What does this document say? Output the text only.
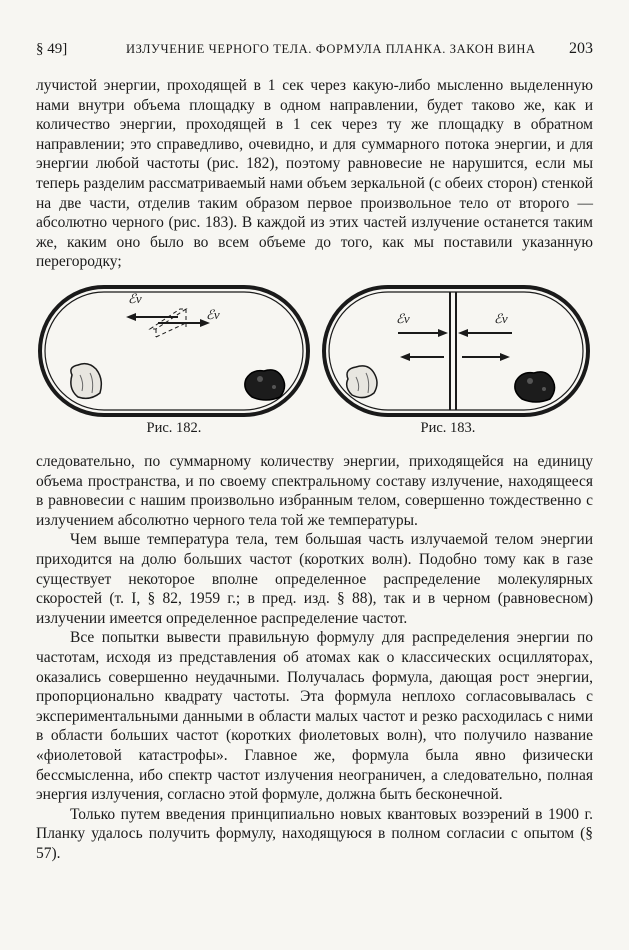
§ 49]	ИЗЛУЧЕНИЕ ЧЕРНОГО ТЕЛА. ФОРМУЛА ПЛАНКА. ЗАКОН ВИНА 203

лучистой энергии, проходящей в 1 сек через какую-либо мысленно выделенную нами внутри объема площадку в одном направлении, будет таково же, как и количество энергии, проходящей в 1 сек через ту же площадку в обратном направлении; это справедливо, очевидно, и для суммарного потока энергии, и для энергии любой частоты (рис. 182), поэтому равновесие не нарушится, если мы теперь разделим рассматриваемый нами объем зеркальной (с обеих сторон) стенкой на две части, отделив таким образом первое произвольное тело от второго — абсолютно черного (рис. 183). В каждой из этих частей излучение останется таким же, каким оно было во всем объеме до того, как мы поставили указанную перегородку;

ℰν
ℰν
Рис. 182.
ℰν	ℰν
Рис. 183.

следовательно, по суммарному количеству энергии, приходящейся на единицу объема пространства, и по своему спектральному составу излучение, находящееся в равновесии с нашим произвольно избранным телом, совершенно тождественно с излучением абсолютно черного тела той же температуры.

Чем выше температура тела, тем большая часть излучаемой телом энергии приходится на долю больших частот (коротких волн). Подобно тому как в газе существует некоторое вполне определенное распределение молекулярных скоростей (т. I, § 82, 1959 г.; в пред. изд. § 88), так и в черном (равновесном) излучении имеется определенное распределение частот.

Все попытки вывести правильную формулу для распределения энергии по частотам, исходя из представления об атомах как о классических осцилляторах, оказались совершенно неудачными. Получалась формула, дающая рост энергии, пропорционально квадрату частоты. Эта формула неплохо согласовывалась с экспериментальными данными в области малых частот и резко расходилась с ними в области больших частот (коротких фиолетовых волн), что получило название «фиолетовой катастрофы». Главное же, формула была явно физически бессмысленна, ибо спектр частот излучения неограничен, а следовательно, полная энергия излучения, согласно этой формуле, должна быть бесконечной.

Только путем введения принципиально новых квантовых возэрений в 1900 г. Планку удалось получить формулу, находящуюся в полном согласии с опытом (§ 57).
